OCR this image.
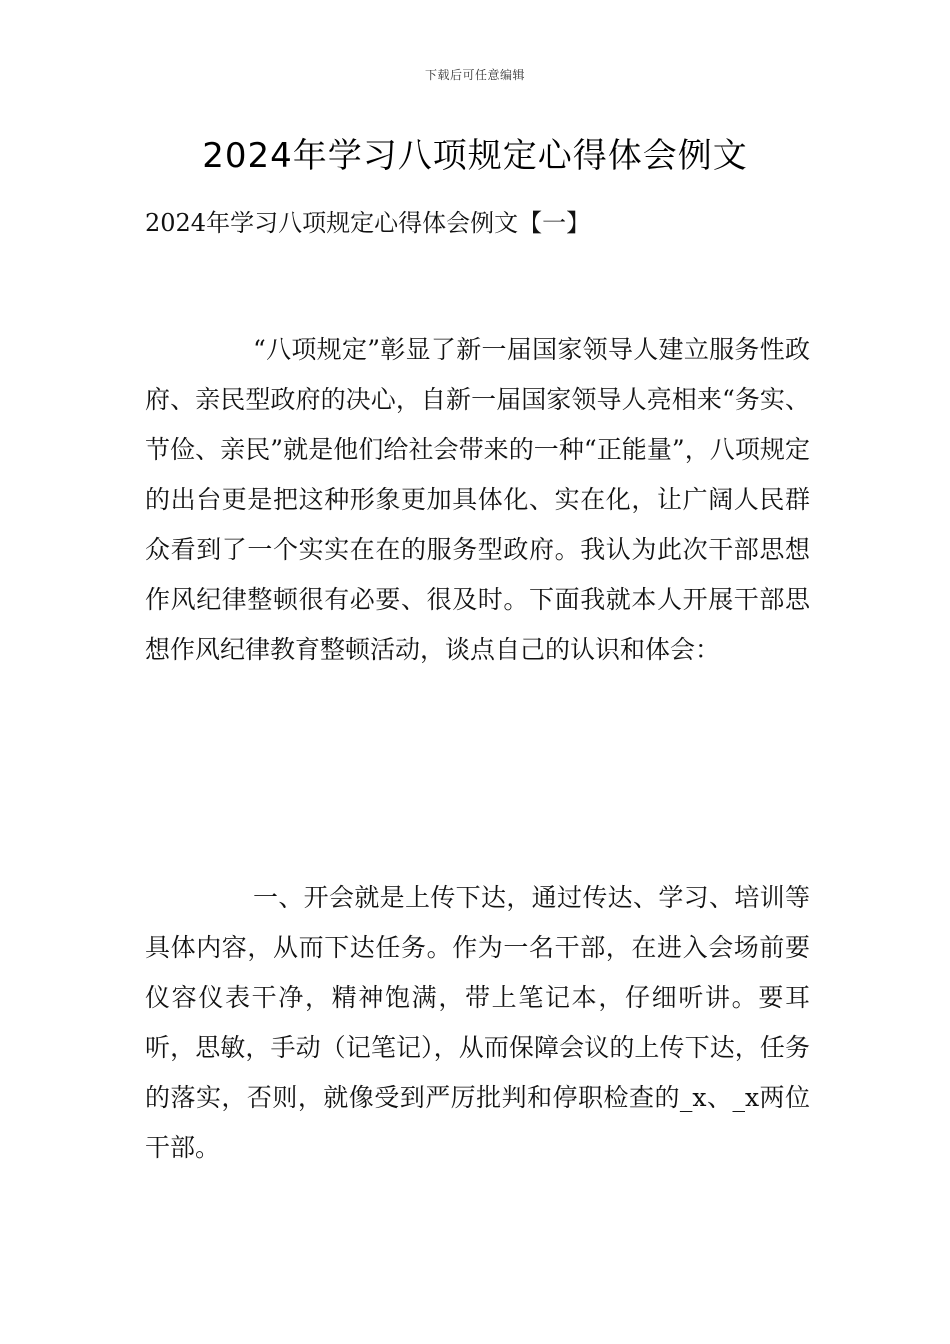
下载后可任意编辑
2024年学习八项规定心得体会例文

2024年学习八项规定心得体会例文【一】

“八项规定”彰显了新一届国家领导人建立服务性政府、亲民型政府的决心，自新一届国家领导人亮相来“务实、节俭、亲民”就是他们给社会带来的一种“正能量”，八项规定的出台更是把这种形象更加具体化、实在化，让广阔人民群众看到了一个实实在在的服务型政府。我认为此次干部思想作风纪律整顿很有必要、很及时。下面我就本人开展干部思想作风纪律教育整顿活动，谈点自己的认识和体会：

一、开会就是上传下达，通过传达、学习、培训等具体内容，从而下达任务。作为一名干部，在进入会场前要仪容仪表干净，精神饱满，带上笔记本，仔细听讲。要耳听，思敏，手动（记笔记），从而保障会议的上传下达，任务的落实，否则，就像受到严厉批判和停职检查的_x、_x两位干部。
